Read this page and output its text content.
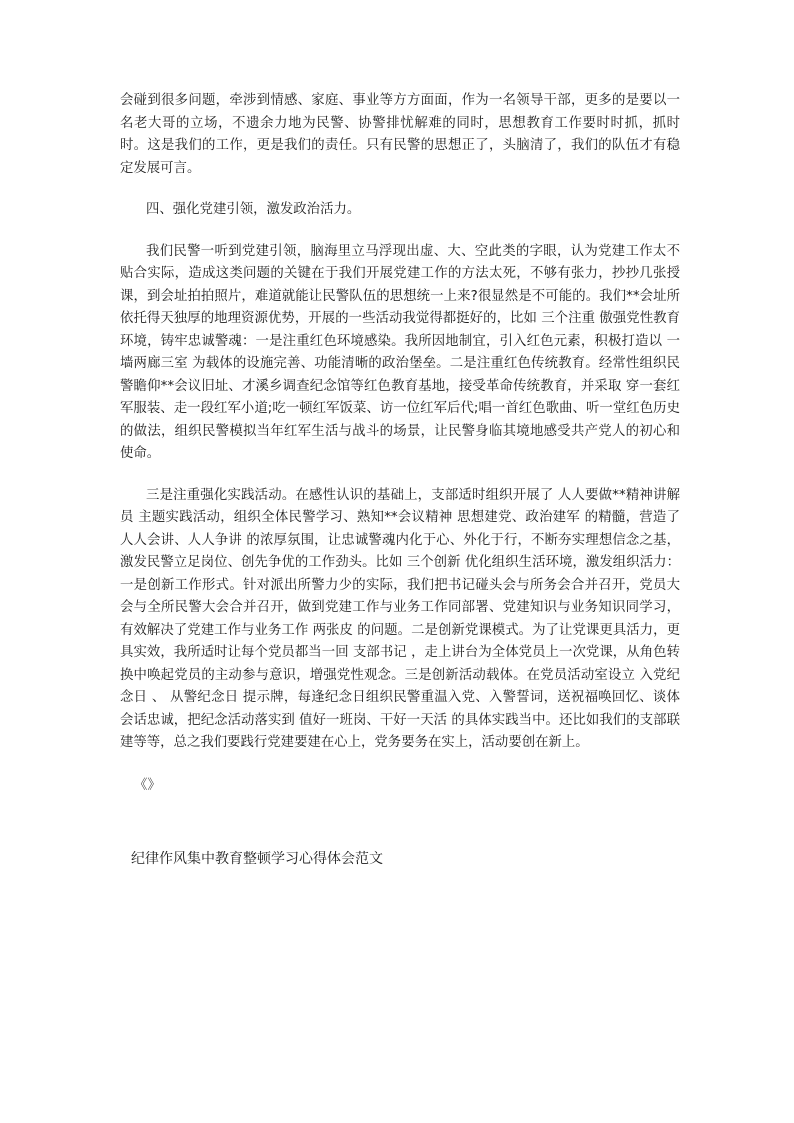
会碰到很多问题，牵涉到情感、家庭、事业等方方面面，作为一名领导干部，更多的是要以一名老大哥的立场，不遗余力地为民警、协警排忧解难的同时，思想教育工作要时时抓，抓时时。这是我们的工作，更是我们的责任。只有民警的思想正了，头脑清了，我们的队伍才有稳定发展可言。

四、强化党建引领，激发政治活力。

我们民警一听到党建引领，脑海里立马浮现出虚、大、空此类的字眼，认为党建工作太不贴合实际，造成这类问题的关键在于我们开展党建工作的方法太死，不够有张力，抄抄几张授课，到会址拍拍照片，难道就能让民警队伍的思想统一上来?很显然是不可能的。我们**会址所依托得天独厚的地理资源优势，开展的一些活动我觉得都挺好的，比如 三个注重 傲强党性教育环境，铸牢忠诚警魂：一是注重红色环境感染。我所因地制宜，引入红色元素，积极打造以 一墙两廊三室 为载体的设施完善、功能清晰的政治堡垒。二是注重红色传统教育。经常性组织民警瞻仰**会议旧址、才溪乡调查纪念馆等红色教育基地，接受革命传统教育，并采取 穿一套红军服装、走一段红军小道;吃一顿红军饭菜、访一位红军后代;唱一首红色歌曲、听一堂红色历史 的做法，组织民警模拟当年红军生活与战斗的场景，让民警身临其境地感受共产党人的初心和使命。

三是注重强化实践活动。在感性认识的基础上，支部适时组织开展了 人人要做**精神讲解员 主题实践活动，组织全体民警学习、熟知**会议精神 思想建党、政治建军 的精髓，营造了 人人会讲、人人争讲 的浓厚氛围，让忠诚警魂内化于心、外化于行，不断夯实理想信念之基，激发民警立足岗位、创先争优的工作劲头。比如 三个创新 优化组织生活环境，激发组织活力：一是创新工作形式。针对派出所警力少的实际，我们把书记碰头会与所务会合并召开，党员大会与全所民警大会合并召开，做到党建工作与业务工作同部署、党建知识与业务知识同学习，有效解决了党建工作与业务工作 两张皮 的问题。二是创新党课模式。为了让党课更具活力，更具实效，我所适时让每个党员都当一回 支部书记 ，走上讲台为全体党员上一次党课，从角色转换中唤起党员的主动参与意识，增强党性观念。三是创新活动载体。在党员活动室设立 入党纪念日 、 从警纪念日 提示牌，每逢纪念日组织民警重温入党、入警誓词，送祝福唤回忆、谈体会话忠诚，把纪念活动落实到 值好一班岗、干好一天活 的具体实践当中。还比如我们的支部联建等等，总之我们要践行党建要建在心上，党务要务在实上，活动要创在新上。

《》

纪律作风集中教育整顿学习心得体会范文
